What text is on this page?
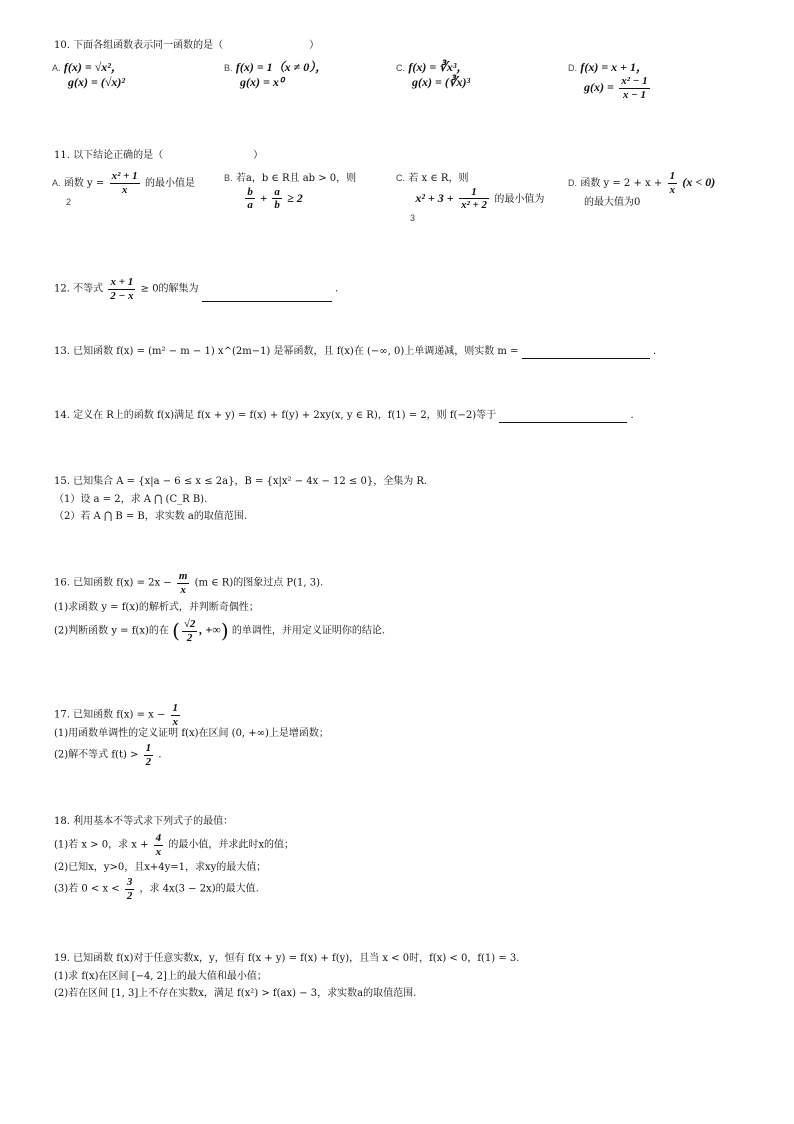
10. 下面各组函数表示同一函数的是（	）
A. f(x) = √x²，
g(x) = (√x)²
B. f(x) = 1（x ≠ 0），
g(x) = x⁰
C. f(x) = ∛x³，
g(x) = (∛x)³
D. f(x) = x + 1，
$g(x) = \frac{\text{x² − 1}}{x - 1}$
11. 以下结论正确的是（	）
A. 函数 $y = \frac{\text{x² + 1}}{x}$ 的最小值是
2
B. 若a，b ∈ R且 ab > 0，则

$\frac{b}{a} + \frac{a}{b} \ge 2$
C. 若 x ∈ R，则
$x^2 + 3 + \frac{1}{\text{x² + 2}}$ 的最小值为
3
D. 函数 $y = 2 + x + \frac{1}{x} (x < 0)$
的最大值为0
12. 不等式 $\frac{x + 1}{2 - x} \ge 0$的解集为	.
13. 已知函数 f(x) = (m² − m − 1) x^(2m−1) 是幂函数，且 f(x)在 (−∞, 0)上单调递减，则实数 m =	.
14. 定义在 R上的函数 f(x)满足 f(x + y) = f(x) + f(y) + 2xy(x, y ∈ R)，f(1) = 2，则 f(−2)等于	.
15. 已知集合 A = {x|a − 6 ≤ x ≤ 2a}，B = {x|x² − 4x − 12 ≤ 0}，全集为 R.
（1）设 a = 2，求 A ⋂ (C_R B).
（2）若 A ⋂ B = B，求实数 a的取值范围.
16. 已知函数 $f(x) = 2x - \frac{m}{x} (m$ ∈ R)的图象过点 P(1, 3).
(1)求函数 y = f(x)的解析式，并判断奇偶性；
(2)判断函数 y = f(x)的在 ( $\frac{√2}{2}$ , +∞) 的单调性，并用定义证明你的结论.
17. 已知函数 $f(x) = x - \frac{1}{x}$
(1)用函数单调性的定义证明 f(x)在区间 (0, +∞)上是增函数；
(2)解不等式 $f(t) > \frac{1}{2}$ .
18. 利用基本不等式求下列式子的最值：
(1)若 x > 0，求 $x + \frac{4}{x}$ 的最小值，并求此时x的值；
(2)已知x，y>0，且x+4y=1，求xy的最大值；
(3)若 $0 < x < \frac{3}{2}$ ，求 4x(3 − 2x)的最大值.
19. 已知函数 f(x)对于任意实数x，y，恒有 f(x + y) = f(x) + f(y)，且当 x < 0时，f(x) < 0，f(1) = 3.
(1)求 f(x)在区间 [−4, 2]上的最大值和最小值；
(2)若在区间 [1, 3]上不存在实数x，满足 f(x²) > f(ax) − 3，求实数a的取值范围.
